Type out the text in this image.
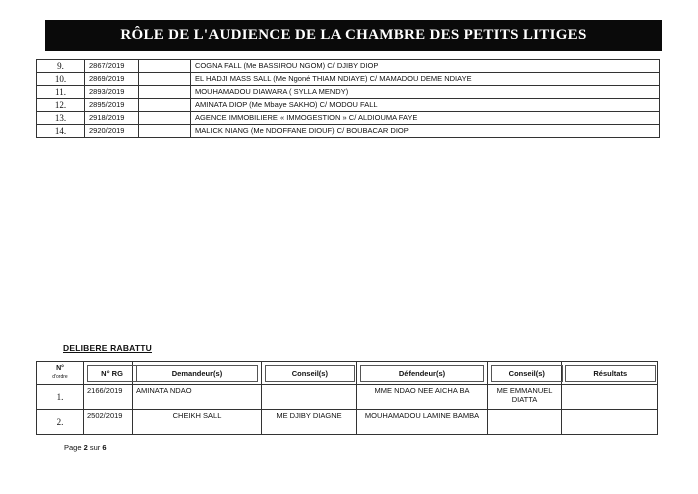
RÔLE DE L'AUDIENCE DE LA CHAMBRE DES PETITS LITIGES
9.	2867/2019		COGNA FALL (Me BASSIROU NGOM) C/ DJIBY DIOP
10.	2869/2019		EL HADJI MASS SALL (Me Ngoné THIAM NDIAYE) C/ MAMADOU DEME NDIAYE
11.	2893/2019		MOUHAMADOU DIAWARA ( SYLLA MENDY)
12.	2895/2019		AMINATA DIOP (Me Mbaye SAKHO) C/ MODOU FALL
13.	2918/2019		AGENCE IMMOBILIERE « IMMOGESTION » C/ ALDIOUMA FAYE
14.	2920/2019		MALICK NIANG (Me NDOFFANE DIOUF) C/ BOUBACAR DIOP
DELIBERE RABATTU
N°
d'ordre	N° RG	Demandeur(s)	Conseil(s)	Défendeur(s)	Conseil(s)	Résultats
1.	2166/2019	AMINATA NDAO		MME NDAO NEE AICHA BA	ME EMMANUEL DIATTA	
2.	2502/2019	CHEIKH SALL	ME DJIBY DIAGNE	MOUHAMADOU LAMINE BAMBA		
Page 2 sur 6
